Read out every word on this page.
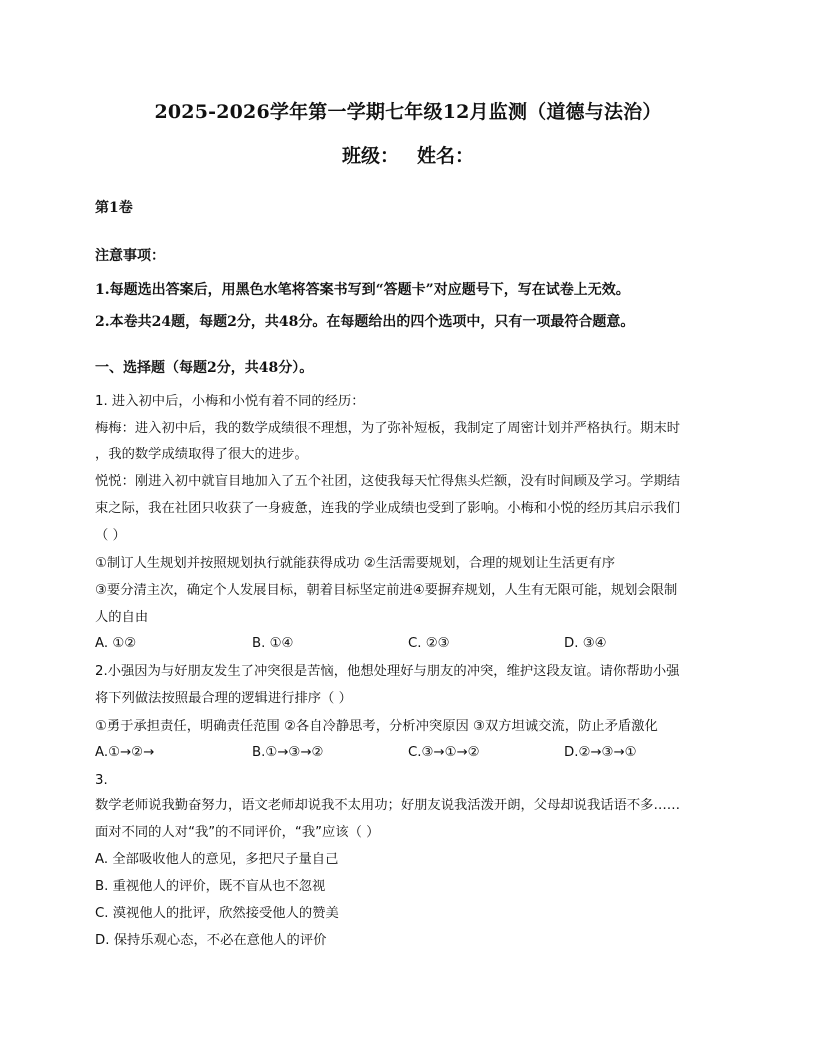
2025-2026学年第一学期七年级12月监测（道德与法治）
班级： 姓名：
第1卷
注意事项：
1.每题选出答案后，用黑色水笔将答案书写到“答题卡”对应题号下，写在试卷上无效。
2.本卷共24题，每题2分，共48分。在每题给出的四个选项中，只有一项最符合题意。
一、选择题（每题2分，共48分）。
1. 进入初中后，小梅和小悦有着不同的经历：
梅梅：进入初中后，我的数学成绩很不理想，为了弥补短板，我制定了周密计划并严格执行。期末时
，我的数学成绩取得了很大的进步。
悦悦：刚进入初中就盲目地加入了五个社团，这使我每天忙得焦头烂额，没有时间顾及学习。学期结
束之际，我在社团只收获了一身疲惫，连我的学业成绩也受到了影响。小梅和小悦的经历其启示我们
（ ）
①制订人生规划并按照规划执行就能获得成功 ②生活需要规划，合理的规划让生活更有序
③要分清主次，确定个人发展目标，朝着目标坚定前进④要摒弃规划，人生有无限可能，规划会限制
人的自由
A. ①②	B. ①④	C. ②③	D. ③④
2.小强因为与好朋友发生了冲突很是苦恼，他想处理好与朋友的冲突，维护这段友谊。请你帮助小强
将下列做法按照最合理的逻辑进行排序（ ）
①勇于承担责任，明确责任范围 ②各自冷静思考，分析冲突原因 ③双方坦诚交流，防止矛盾激化
A.①→②→	B.①→③→②	C.③→①→②	D.②→③→①
3.
数学老师说我勤奋努力，语文老师却说我不太用功；好朋友说我活泼开朗，父母却说我话语不多……
面对不同的人对“我”的不同评价，“我”应该（ ）
A. 全部吸收他人的意见，多把尺子量自己
B. 重视他人的评价，既不盲从也不忽视
C. 漠视他人的批评，欣然接受他人的赞美
D. 保持乐观心态，不必在意他人的评价
